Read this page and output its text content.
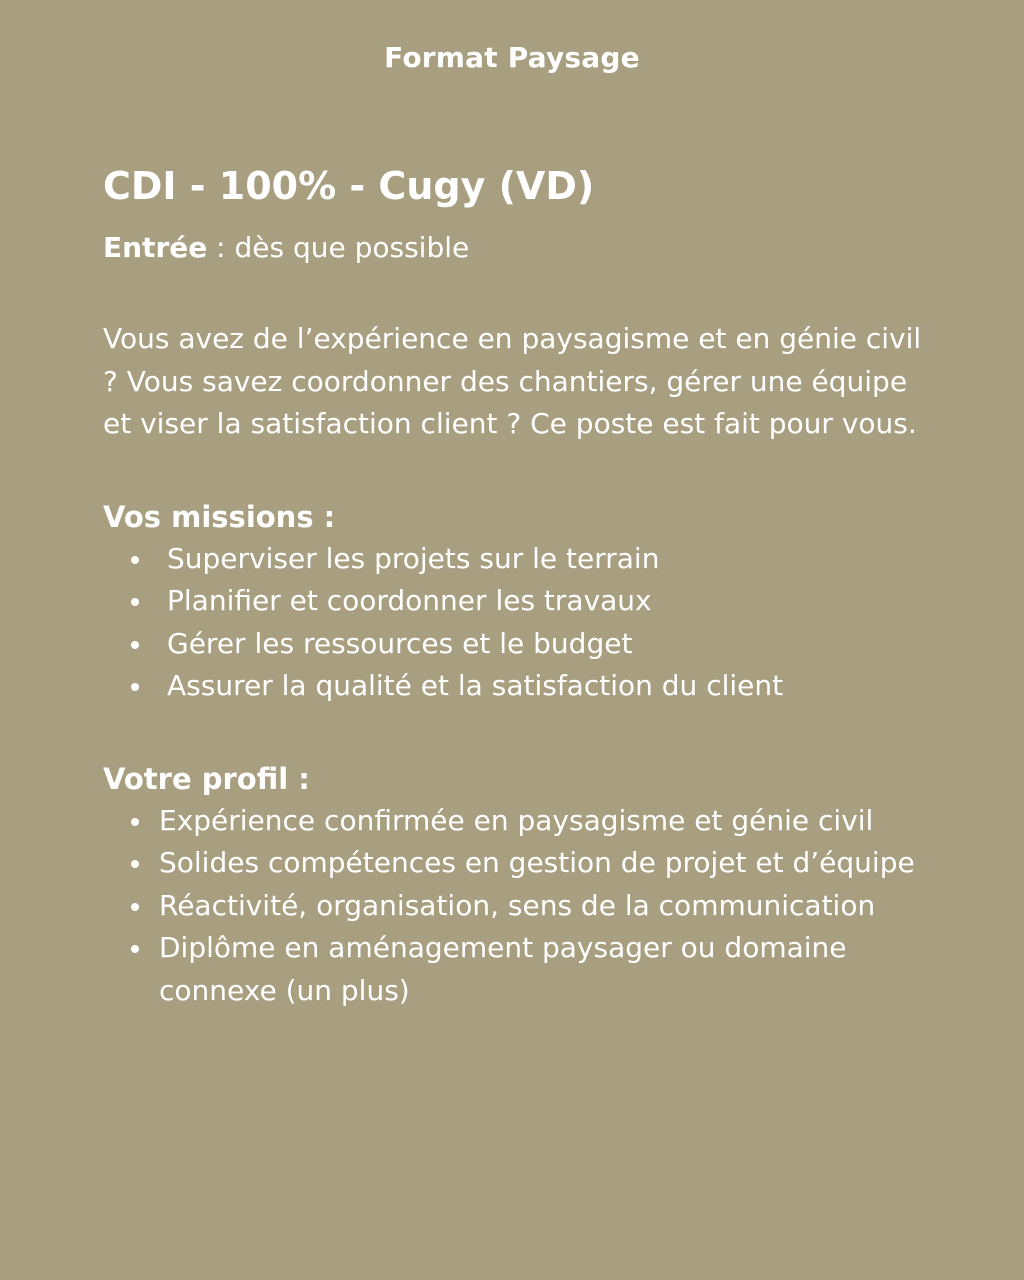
Format Paysage
CDI - 100% - Cugy (VD)

Entrée : dès que possible

Vous avez de l’expérience en paysagisme et en génie civil ? Vous savez coordonner des chantiers, gérer une équipe et viser la satisfaction client ? Ce poste est fait pour vous.

Vos missions :
Superviser les projets sur le terrain
Planifier et coordonner les travaux
Gérer les ressources et le budget
Assurer la qualité et la satisfaction du client
Votre profil :
Expérience confirmée en paysagisme et génie civil
Solides compétences en gestion de projet et d’équipe
Réactivité, organisation, sens de la communication
Diplôme en aménagement paysager ou domaine connexe (un plus)
